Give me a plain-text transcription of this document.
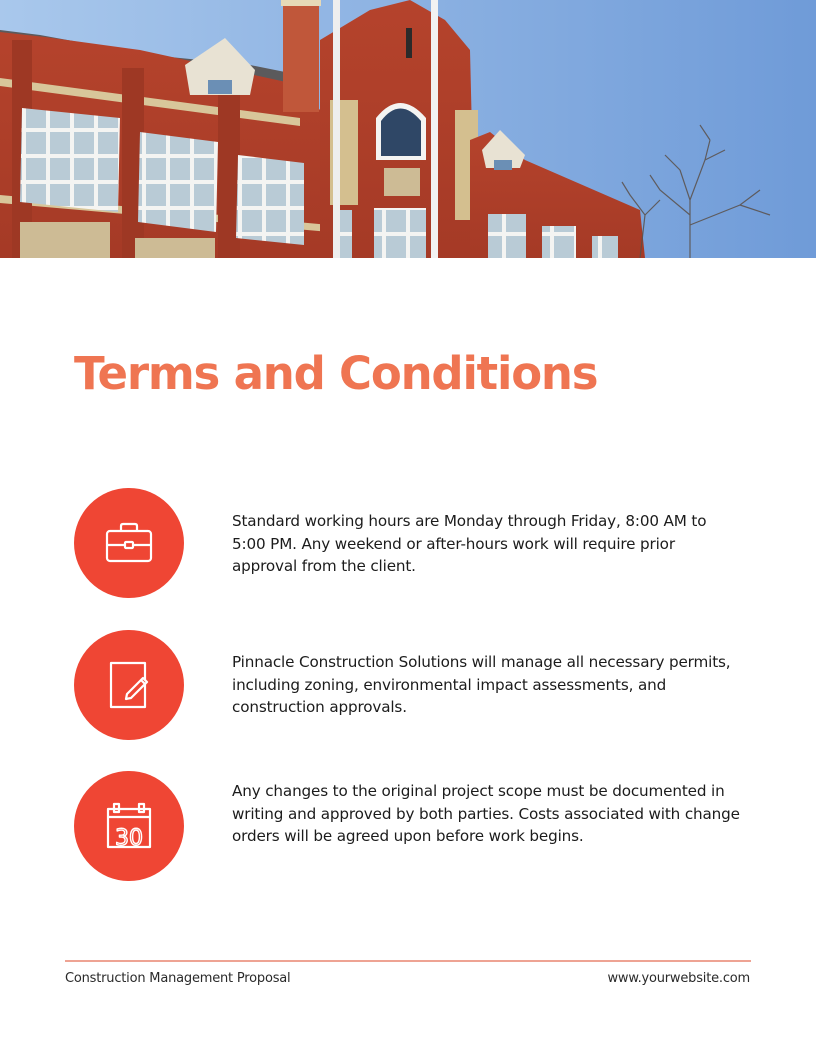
Terms and Conditions

Standard working hours are Monday through Friday, 8:00 AM to 5:00 PM. Any weekend or after-hours work will require prior approval from the client.

Pinnacle Construction Solutions will manage all necessary permits, including zoning, environmental impact assessments, and construction approvals.

30

Any changes to the original project scope must be documented in writing and approved by both parties. Costs associated with change orders will be agreed upon before work begins.

Construction Management Proposal	www.yourwebsite.com
